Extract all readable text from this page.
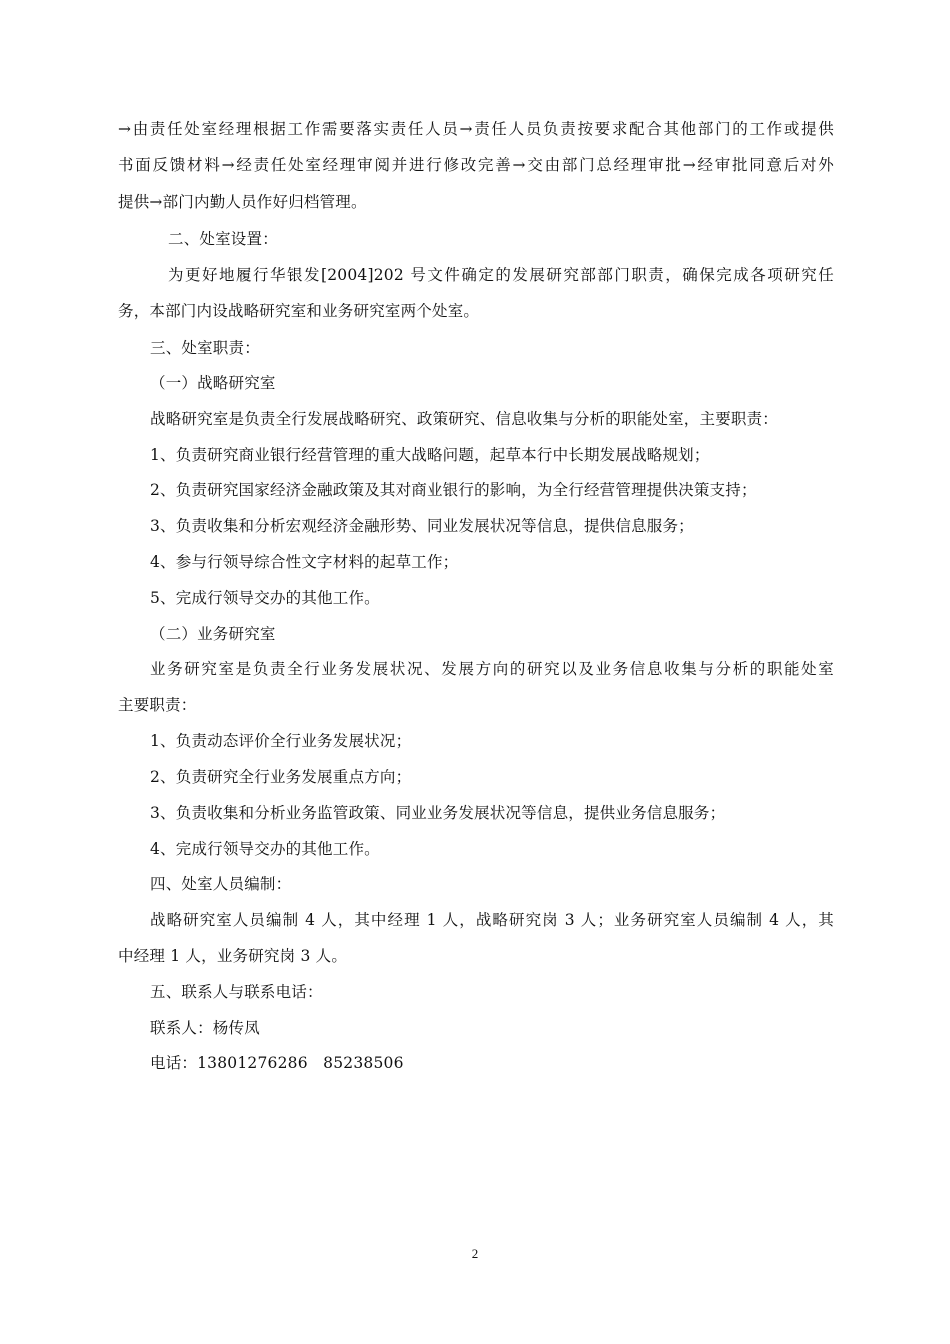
→由责任处室经理根据工作需要落实责任人员→责任人员负责按要求配合其他部门的工作或提供
书面反馈材料→经责任处室经理审阅并进行修改完善→交由部门总经理审批→经审批同意后对外
提供→部门内勤人员作好归档管理。
二、处室设置：
为更好地履行华银发[2004]202 号文件确定的发展研究部部门职责，确保完成各项研究任
务，本部门内设战略研究室和业务研究室两个处室。
三、处室职责：
（一）战略研究室
战略研究室是负责全行发展战略研究、政策研究、信息收集与分析的职能处室，主要职责：
1、负责研究商业银行经营管理的重大战略问题，起草本行中长期发展战略规划；
2、负责研究国家经济金融政策及其对商业银行的影响，为全行经营管理提供决策支持；
3、负责收集和分析宏观经济金融形势、同业发展状况等信息，提供信息服务；
4、参与行领导综合性文字材料的起草工作；
5、完成行领导交办的其他工作。
（二）业务研究室
业务研究室是负责全行业务发展状况、发展方向的研究以及业务信息收集与分析的职能处室
主要职责：
1、负责动态评价全行业务发展状况；
2、负责研究全行业务发展重点方向；
3、负责收集和分析业务监管政策、同业业务发展状况等信息，提供业务信息服务；
4、完成行领导交办的其他工作。
四、处室人员编制：
战略研究室人员编制 4 人，其中经理 1 人，战略研究岗 3 人；业务研究室人员编制 4 人，其
中经理 1 人，业务研究岗 3 人。
五、联系人与联系电话：
联系人：杨传凤
电话：13801276286   85238506
2
